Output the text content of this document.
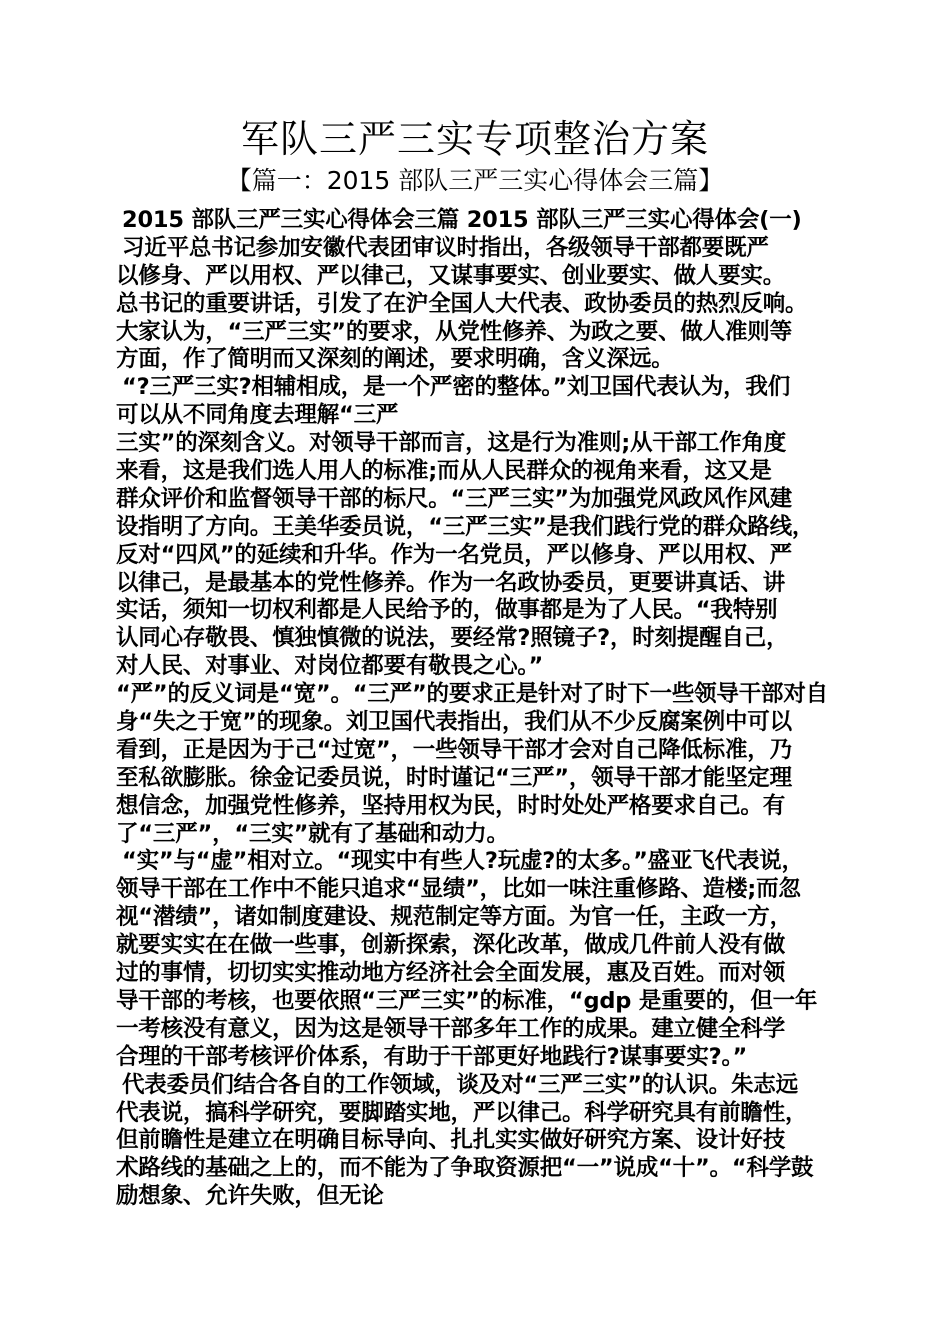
军队三严三实专项整治方案
【篇一：2015 部队三严三实心得体会三篇】
2015 部队三严三实心得体会三篇 2015 部队三严三实心得体会(一)
习近平总书记参加安徽代表团审议时指出，各级领导干部都要既严
以修身、严以用权、严以律己，又谋事要实、创业要实、做人要实。
总书记的重要讲话，引发了在沪全国人大代表、政协委员的热烈反响。
大家认为，“三严三实”的要求，从党性修养、为政之要、做人准则等
方面，作了简明而又深刻的阐述，要求明确，含义深远。
“?三严三实?相辅相成，是一个严密的整体。”刘卫国代表认为，我们
可以从不同角度去理解“三严
三实”的深刻含义。对领导干部而言，这是行为准则;从干部工作角度
来看，这是我们选人用人的标准;而从人民群众的视角来看，这又是
群众评价和监督领导干部的标尺。“三严三实”为加强党风政风作风建
设指明了方向。王美华委员说，“三严三实”是我们践行党的群众路线，
反对“四风”的延续和升华。作为一名党员，严以修身、严以用权、严
以律己，是最基本的党性修养。作为一名政协委员，更要讲真话、讲
实话，须知一切权利都是人民给予的，做事都是为了人民。“我特别
认同心存敬畏、慎独慎微的说法，要经常?照镜子?，时刻提醒自己，
对人民、对事业、对岗位都要有敬畏之心。”
“严”的反义词是“宽”。“三严”的要求正是针对了时下一些领导干部对自
身“失之于宽”的现象。刘卫国代表指出，我们从不少反腐案例中可以
看到，正是因为于己“过宽”，一些领导干部才会对自己降低标准，乃
至私欲膨胀。徐金记委员说，时时谨记“三严”，领导干部才能坚定理
想信念，加强党性修养，坚持用权为民，时时处处严格要求自己。有
了“三严”，“三实”就有了基础和动力。
“实”与“虚”相对立。“现实中有些人?玩虚?的太多。”盛亚飞代表说，
领导干部在工作中不能只追求“显绩”，比如一味注重修路、造楼;而忽
视“潜绩”，诸如制度建设、规范制定等方面。为官一任，主政一方，
就要实实在在做一些事，创新探索，深化改革，做成几件前人没有做
过的事情，切切实实推动地方经济社会全面发展，惠及百姓。而对领
导干部的考核，也要依照“三严三实”的标准，“gdp 是重要的，但一年
一考核没有意义，因为这是领导干部多年工作的成果。建立健全科学
合理的干部考核评价体系，有助于干部更好地践行?谋事要实?。”
代表委员们结合各自的工作领域，谈及对“三严三实”的认识。朱志远
代表说，搞科学研究，要脚踏实地，严以律己。科学研究具有前瞻性，
但前瞻性是建立在明确目标导向、扎扎实实做好研究方案、设计好技
术路线的基础之上的，而不能为了争取资源把“一”说成“十”。“科学鼓
励想象、允许失败，但无论
